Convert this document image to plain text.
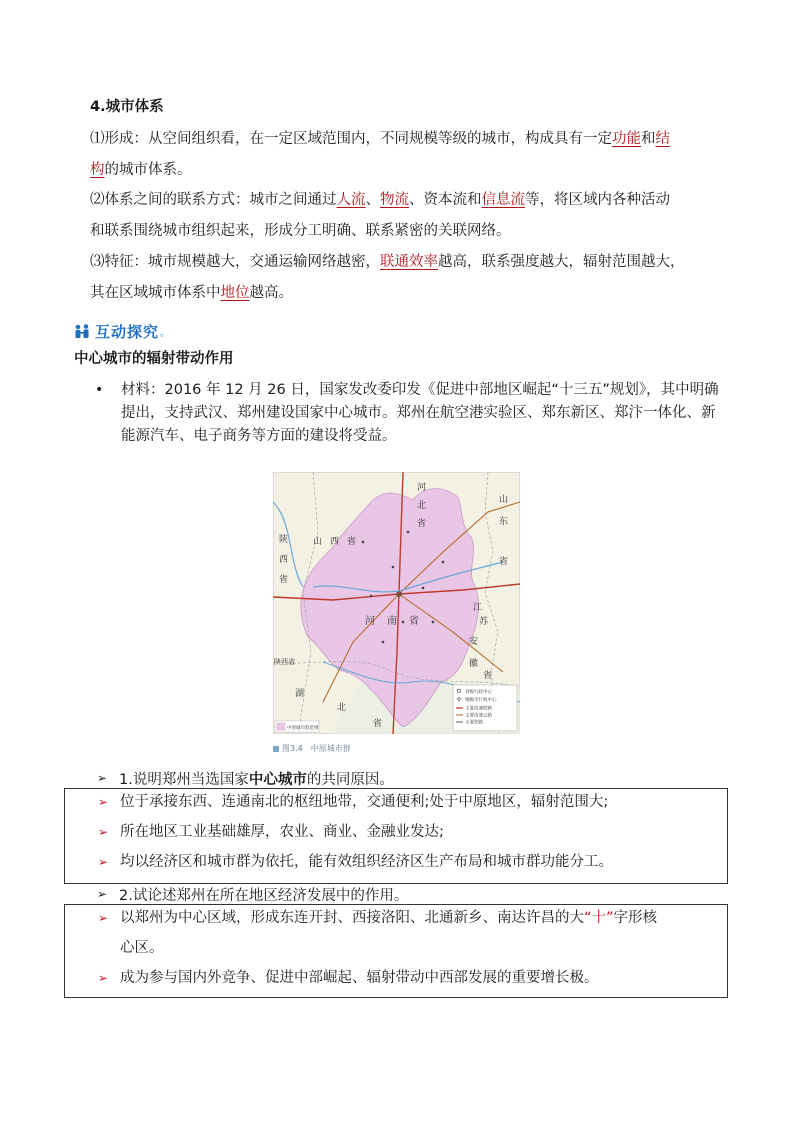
4.城市体系

⑴形成：从空间组织看，在一定区域范围内，不同规模等级的城市，构成具有一定功能和结
构的城市体系。

⑵体系之间的联系方式：城市之间通过人流、物流、资本流和信息流等，将区域内各种活动
和联系围绕城市组织起来，形成分工明确、联系紧密的关联网络。

⑶特征：城市规模越大，交通运输网络越密，联通效率越高，联系强度越大，辐射范围越大，
其在区域城市体系中地位越高。

互动探究 。
中心城市的辐射带动作用
•	材料：2016 年 12 月 26 日，国家发改委印发《促进中部地区崛起“十三五”规划》，其中明确提出，支持武汉、郑州建设国家中心城市。郑州在航空港实验区、郑东新区、郑汴一体化、新能源汽车、电子商务等方面的建设将受益。
陕西省
山 西 省
河北省
山东省
河 南 省
江苏
安徽省
湖北省
陕西省
省级行政中心
地级市行政中心
主要高速铁路
主要高速公路
主要铁路
中原城市群范围
图3.4　中原城市群
➢ 1.说明郑州当选国家 中心城市 的共同原因。
➢ 位于承接东西、连通南北的枢纽地带，交通便利;处于中原地区，辐射范围大;
➢ 所在地区工业基础雄厚，农业、商业、金融业发达;
➢ 均以经济区和城市群为依托，能有效组织经济区生产布局和城市群功能分工。
➢ 2.试论述郑州在所在地区经济发展中的作用。
➢ 以郑州为中心区域，形成东连开封、西接洛阳、北通新乡、南达许昌的大“十”字形核
心区。
➢ 成为参与国内外竞争、促进中部崛起、辐射带动中西部发展的重要增长极。
